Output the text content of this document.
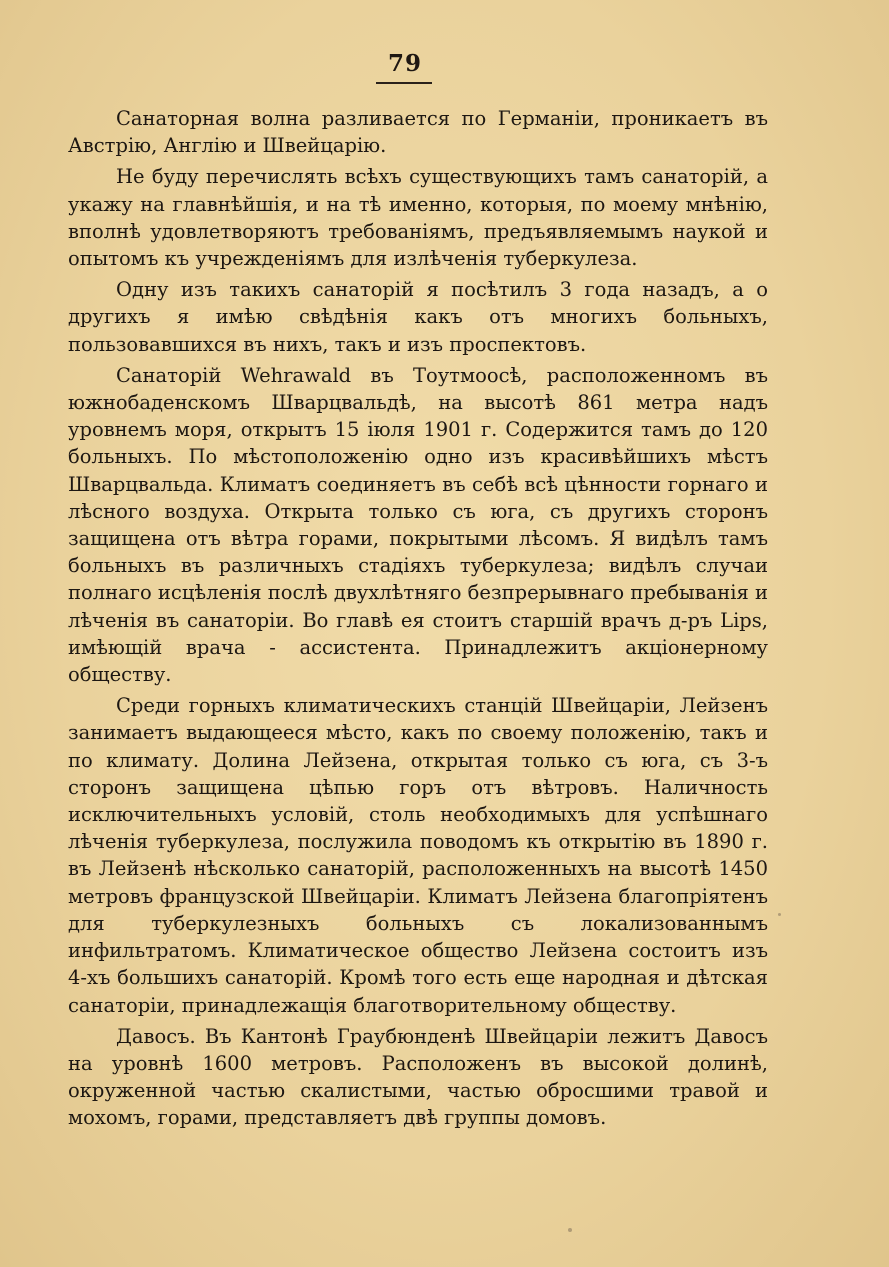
79

Санаторная волна разливается по Германіи, проникаетъ въ Австрію, Англію и Швейцарію.

Не буду перечислять всѣхъ существующихъ тамъ санаторій, а укажу на главнѣйшія, и на тѣ именно, которыя, по моему мнѣнію, вполнѣ удовлетворяютъ требованіямъ, предъявляемымъ наукой и опытомъ къ учрежденіямъ для излѣченія туберкулеза.

Одну изъ такихъ санаторій я посѣтилъ 3 года назадъ, а о другихъ я имѣю свѣдѣнія какъ отъ многихъ больныхъ, пользовавшихся въ нихъ, такъ и изъ проспектовъ.

Санаторій Wehrawald въ Тоутмоосѣ, расположенномъ въ южнобаденскомъ Шварцвальдѣ, на высотѣ 861 метра надъ уровнемъ моря, открытъ 15 іюля 1901 г. Содержится тамъ до 120 больныхъ. По мѣстоположенію одно изъ красивѣйшихъ мѣстъ Шварцвальда. Климатъ соединяетъ въ себѣ всѣ цѣнности горнаго и лѣсного воздуха. Открыта только съ юга, съ другихъ сторонъ защищена отъ вѣтра горами, покрытыми лѣсомъ. Я видѣлъ тамъ больныхъ въ различныхъ стадіяхъ туберкулеза; видѣлъ случаи полнаго исцѣленія послѣ двухлѣтняго безпрерывнаго пребыванія и лѣченія въ санаторіи. Во главѣ ея стоитъ старшій врачъ д-ръ Lips, имѣющій врача - ассистента. Принадлежитъ акціонерному обществу.

Среди горныхъ климатическихъ станцій Швейцаріи, Лейзенъ занимаетъ выдающееся мѣсто, какъ по своему положенію, такъ и по климату. Долина Лейзена, открытая только съ юга, съ 3-ъ сторонъ защищена цѣпью горъ отъ вѣтровъ. Наличность исключительныхъ условій, столь необходимыхъ для успѣшнаго лѣченія туберкулеза, послужила поводомъ къ открытію въ 1890 г. въ Лейзенѣ нѣсколько санаторій, расположенныхъ на высотѣ 1450 метровъ французской Швейцаріи. Климатъ Лейзена благопріятенъ для туберкулезныхъ больныхъ съ локализованнымъ инфильтратомъ. Климатическое общество Лейзена состоитъ изъ 4-хъ большихъ санаторій. Кромѣ того есть еще народная и дѣтская санаторіи, принадлежащія благотворительному обществу.

Давосъ. Въ Кантонѣ Граубюнденѣ Швейцаріи лежитъ Давосъ на уровнѣ 1600 метровъ. Расположенъ въ высокой долинѣ, окруженной частью скалистыми, частью обросшими травой и мохомъ, горами, представляетъ двѣ группы домовъ.
